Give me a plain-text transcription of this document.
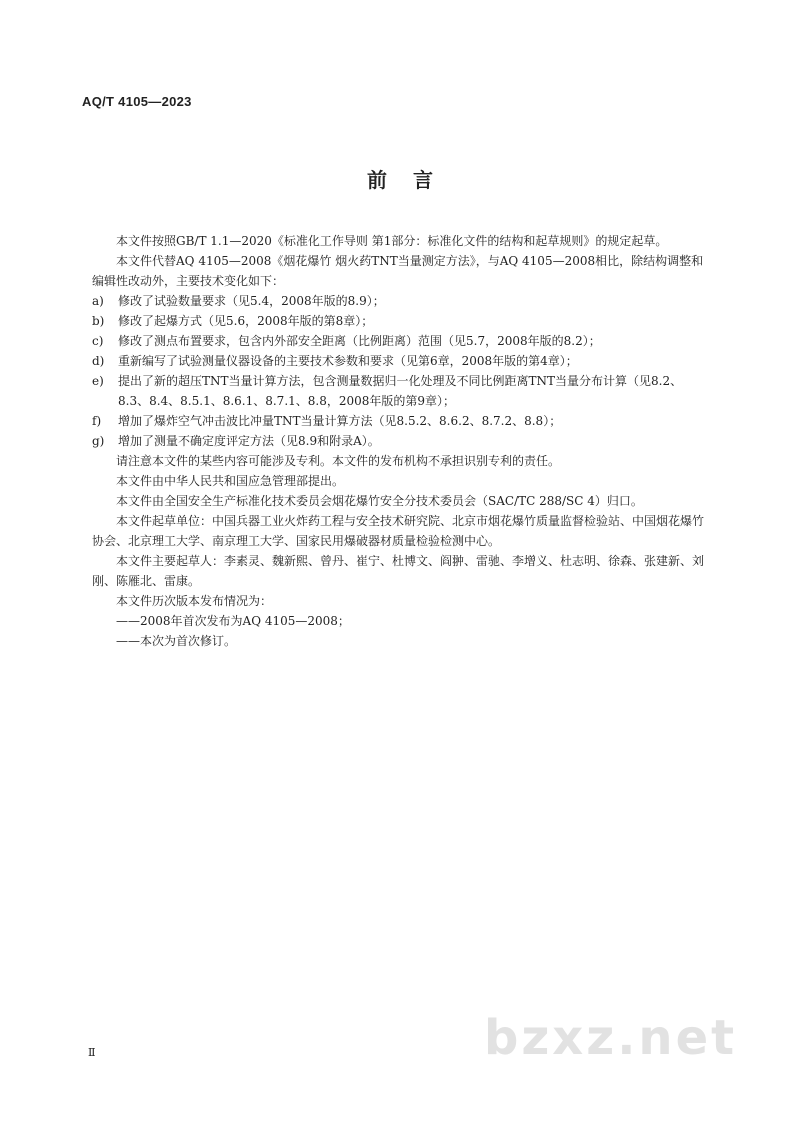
AQ/T 4105—2023
前言

本文件按照GB/T 1.1—2020《标准化工作导则 第1部分：标准化文件的结构和起草规则》的规定起草。

本文件代替AQ 4105—2008《烟花爆竹 烟火药TNT当量测定方法》，与AQ 4105—2008相比，除结构调整和编辑性改动外，主要技术变化如下：

a)	修改了试验数量要求（见5.4，2008年版的8.9）；
b)	修改了起爆方式（见5.6，2008年版的第8章）；
c)	修改了测点布置要求，包含内外部安全距离（比例距离）范围（见5.7，2008年版的8.2）；
d)	重新编写了试验测量仪器设备的主要技术参数和要求（见第6章，2008年版的第4章）；
e)	提出了新的超压TNT当量计算方法，包含测量数据归一化处理及不同比例距离TNT当量分布计算（见8.2、8.3、8.4、8.5.1、8.6.1、8.7.1、8.8，2008年版的第9章）；
f)	增加了爆炸空气冲击波比冲量TNT当量计算方法（见8.5.2、8.6.2、8.7.2、8.8）；
g)	增加了测量不确定度评定方法（见8.9和附录A）。

请注意本文件的某些内容可能涉及专利。本文件的发布机构不承担识别专利的责任。

本文件由中华人民共和国应急管理部提出。

本文件由全国安全生产标准化技术委员会烟花爆竹安全分技术委员会（SAC/TC 288/SC 4）归口。

本文件起草单位：中国兵器工业火炸药工程与安全技术研究院、北京市烟花爆竹质量监督检验站、中国烟花爆竹协会、北京理工大学、南京理工大学、国家民用爆破器材质量检验检测中心。

本文件主要起草人：李素灵、魏新熙、曾丹、崔宁、杜博文、阎翀、雷驰、李增义、杜志明、徐森、张建新、刘刚、陈雁北、雷康。

本文件历次版本发布情况为：

——2008年首次发布为AQ 4105—2008；

——本次为首次修订。

Ⅱ	bzxz.net
